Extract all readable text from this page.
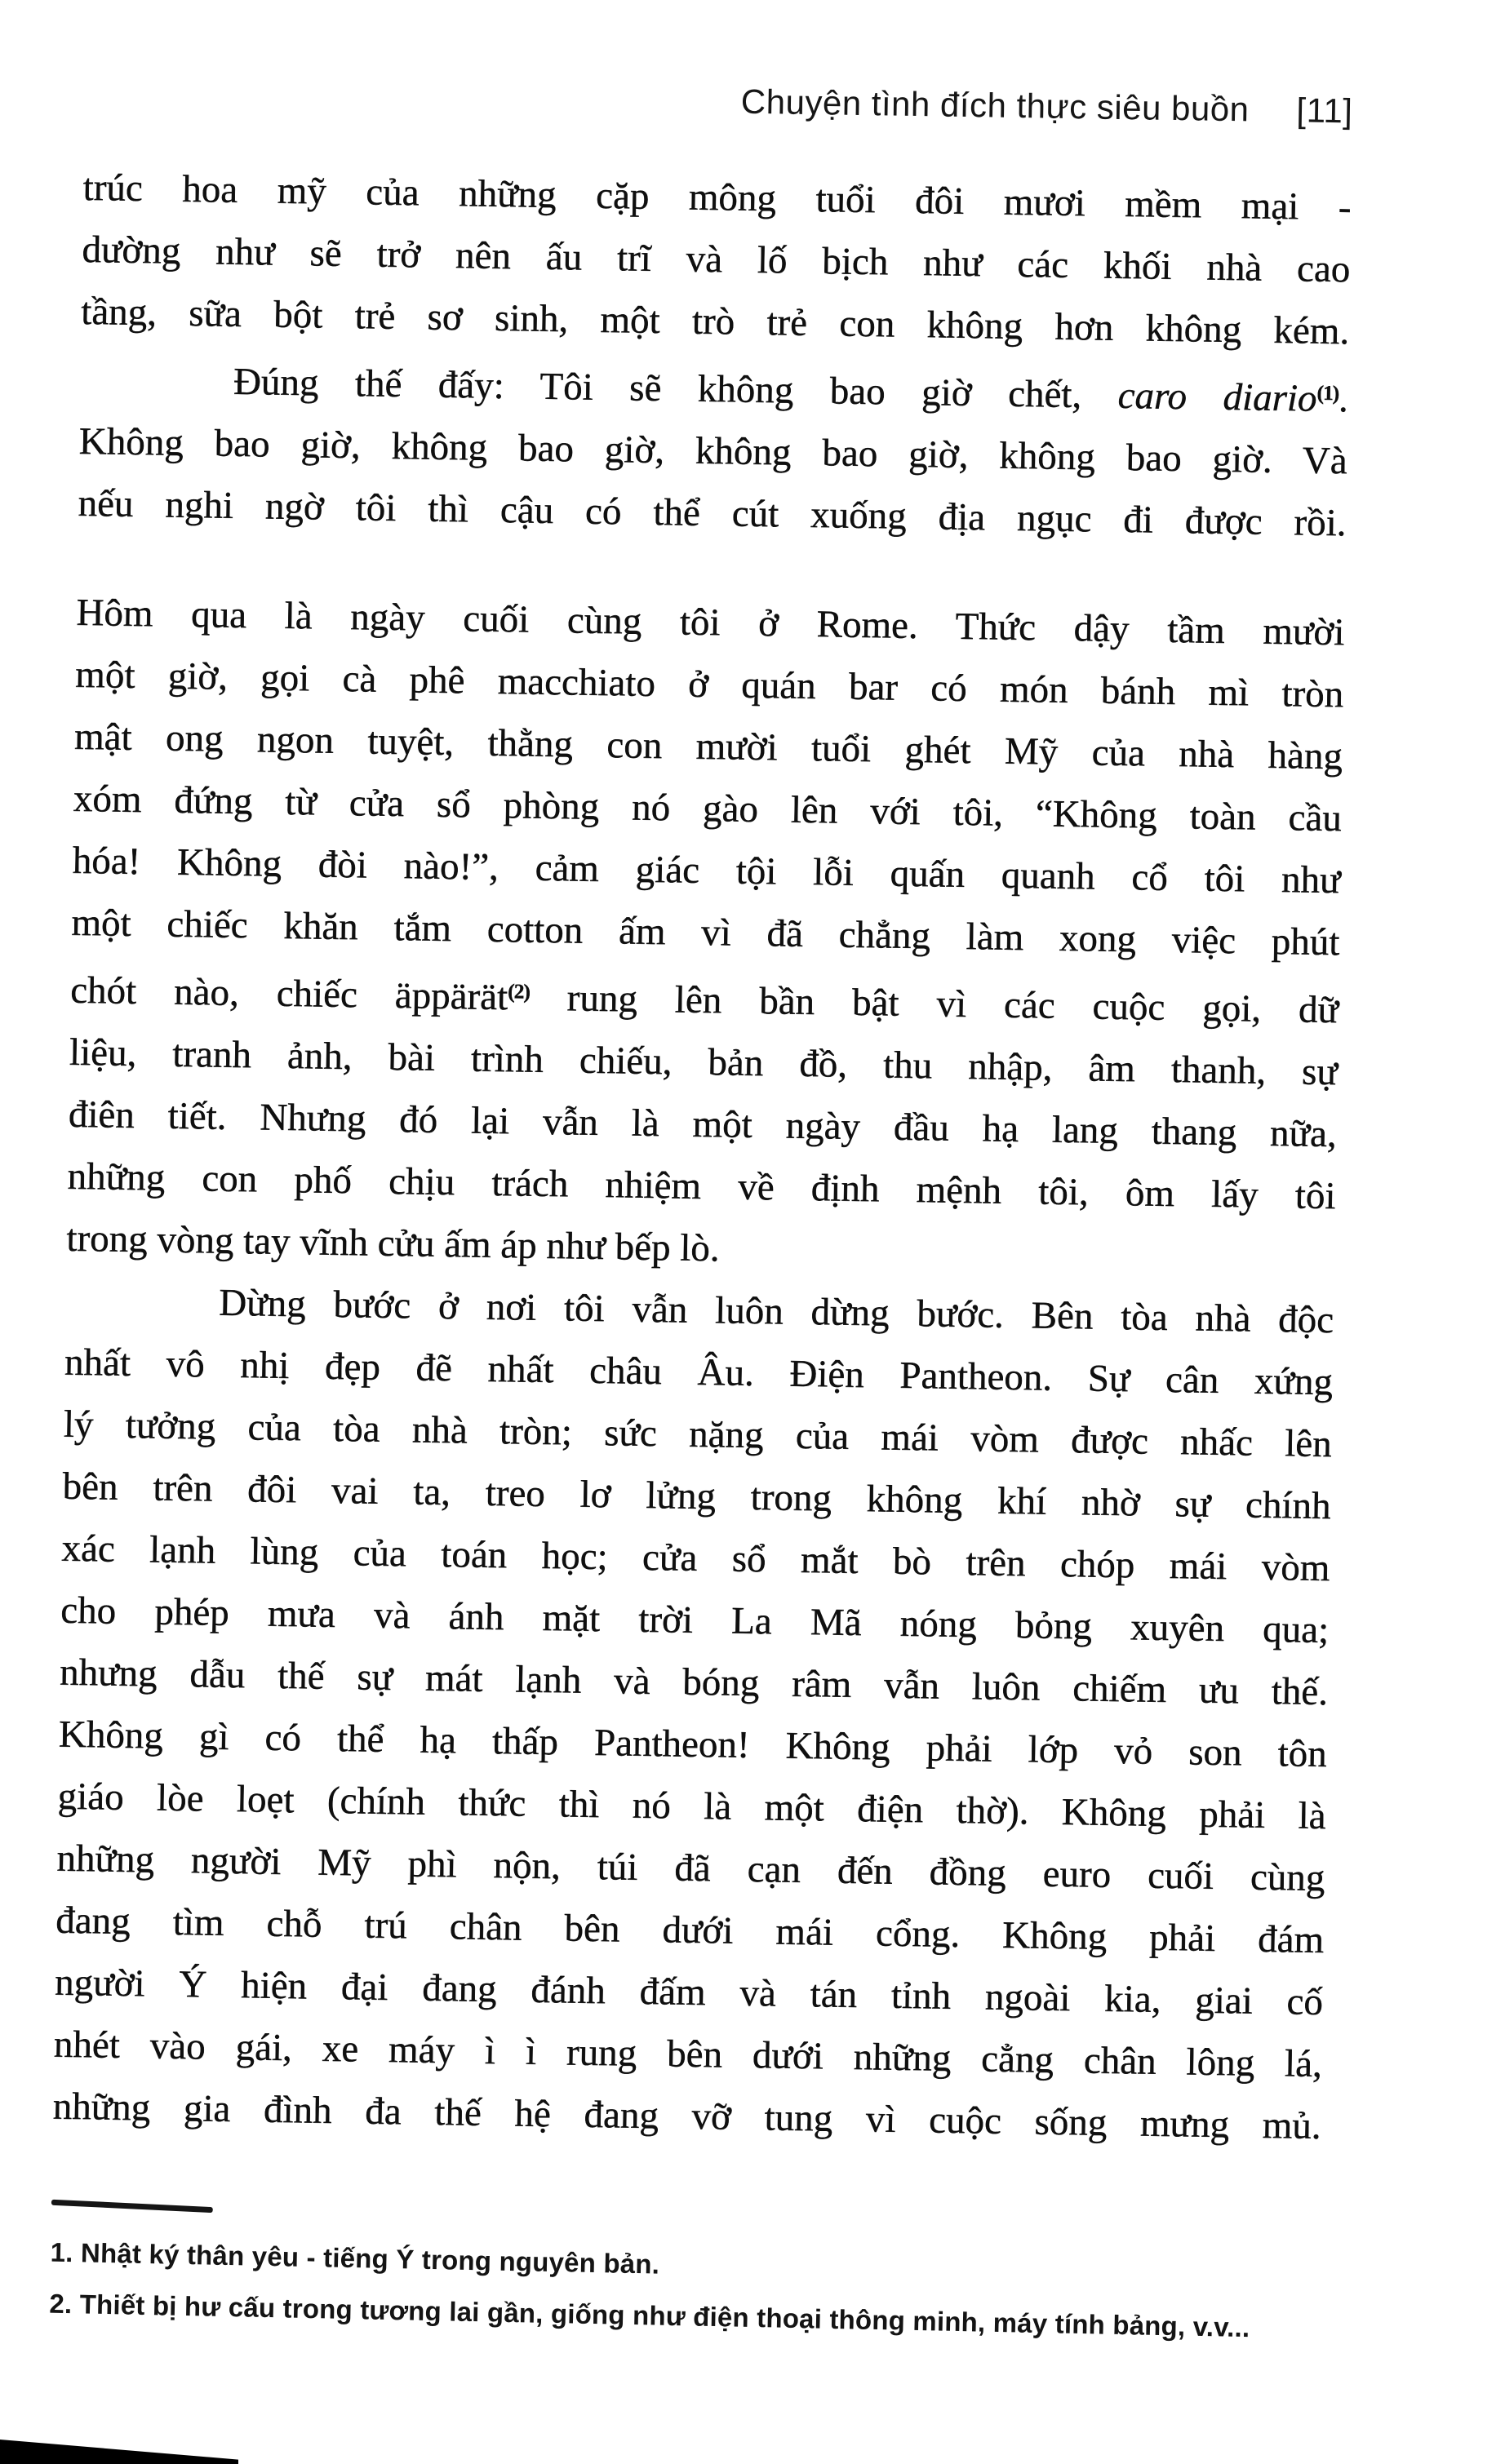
Chuyện tình đích thực siêu buồn [11]
trúc hoa mỹ của những cặp mông tuổi đôi mươi mềm mại -
dường như sẽ trở nên ấu trĩ và lố bịch như các khối nhà cao
tầng, sữa bột trẻ sơ sinh, một trò trẻ con không hơn không kém.
Đúng thế đấy: Tôi sẽ không bao giờ chết, caro diario$^{(1)}$.
Không bao giờ, không bao giờ, không bao giờ, không bao giờ. Và
nếu nghi ngờ tôi thì cậu có thể cút xuống địa ngục đi được rồi.
Hôm qua là ngày cuối cùng tôi ở Rome. Thức dậy tầm mười
một giờ, gọi cà phê macchiato ở quán bar có món bánh mì tròn
mật ong ngon tuyệt, thằng con mười tuổi ghét Mỹ của nhà hàng
xóm đứng từ cửa sổ phòng nó gào lên với tôi, “Không toàn cầu
hóa! Không đòi nào!”, cảm giác tội lỗi quấn quanh cổ tôi như
một chiếc khăn tắm cotton ấm vì đã chẳng làm xong việc phút
chót nào, chiếc äppärät$^{(2)}$ rung lên bần bật vì các cuộc gọi, dữ
liệu, tranh ảnh, bài trình chiếu, bản đồ, thu nhập, âm thanh, sự
điên tiết. Nhưng đó lại vẫn là một ngày đầu hạ lang thang nữa,
những con phố chịu trách nhiệm về định mệnh tôi, ôm lấy tôi
trong vòng tay vĩnh cửu ấm áp như bếp lò.
Dừng bước ở nơi tôi vẫn luôn dừng bước. Bên tòa nhà độc
nhất vô nhị đẹp đẽ nhất châu Âu. Điện Pantheon. Sự cân xứng
lý tưởng của tòa nhà tròn; sức nặng của mái vòm được nhấc lên
bên trên đôi vai ta, treo lơ lửng trong không khí nhờ sự chính
xác lạnh lùng của toán học; cửa sổ mắt bò trên chóp mái vòm
cho phép mưa và ánh mặt trời La Mã nóng bỏng xuyên qua;
nhưng dẫu thế sự mát lạnh và bóng râm vẫn luôn chiếm ưu thế.
Không gì có thể hạ thấp Pantheon! Không phải lớp vỏ son tôn
giáo lòe loẹt (chính thức thì nó là một điện thờ). Không phải là
những người Mỹ phì nộn, túi đã cạn đến đồng euro cuối cùng
đang tìm chỗ trú chân bên dưới mái cổng. Không phải đám
người Ý hiện đại đang đánh đấm và tán tỉnh ngoài kia, giai cố
nhét vào gái, xe máy ì ì rung bên dưới những cẳng chân lông lá,
những gia đình đa thế hệ đang vỡ tung vì cuộc sống mưng mủ.
1. Nhật ký thân yêu - tiếng Ý trong nguyên bản.
2. Thiết bị hư cấu trong tương lai gần, giống như điện thoại thông minh, máy tính bảng, v.v...
